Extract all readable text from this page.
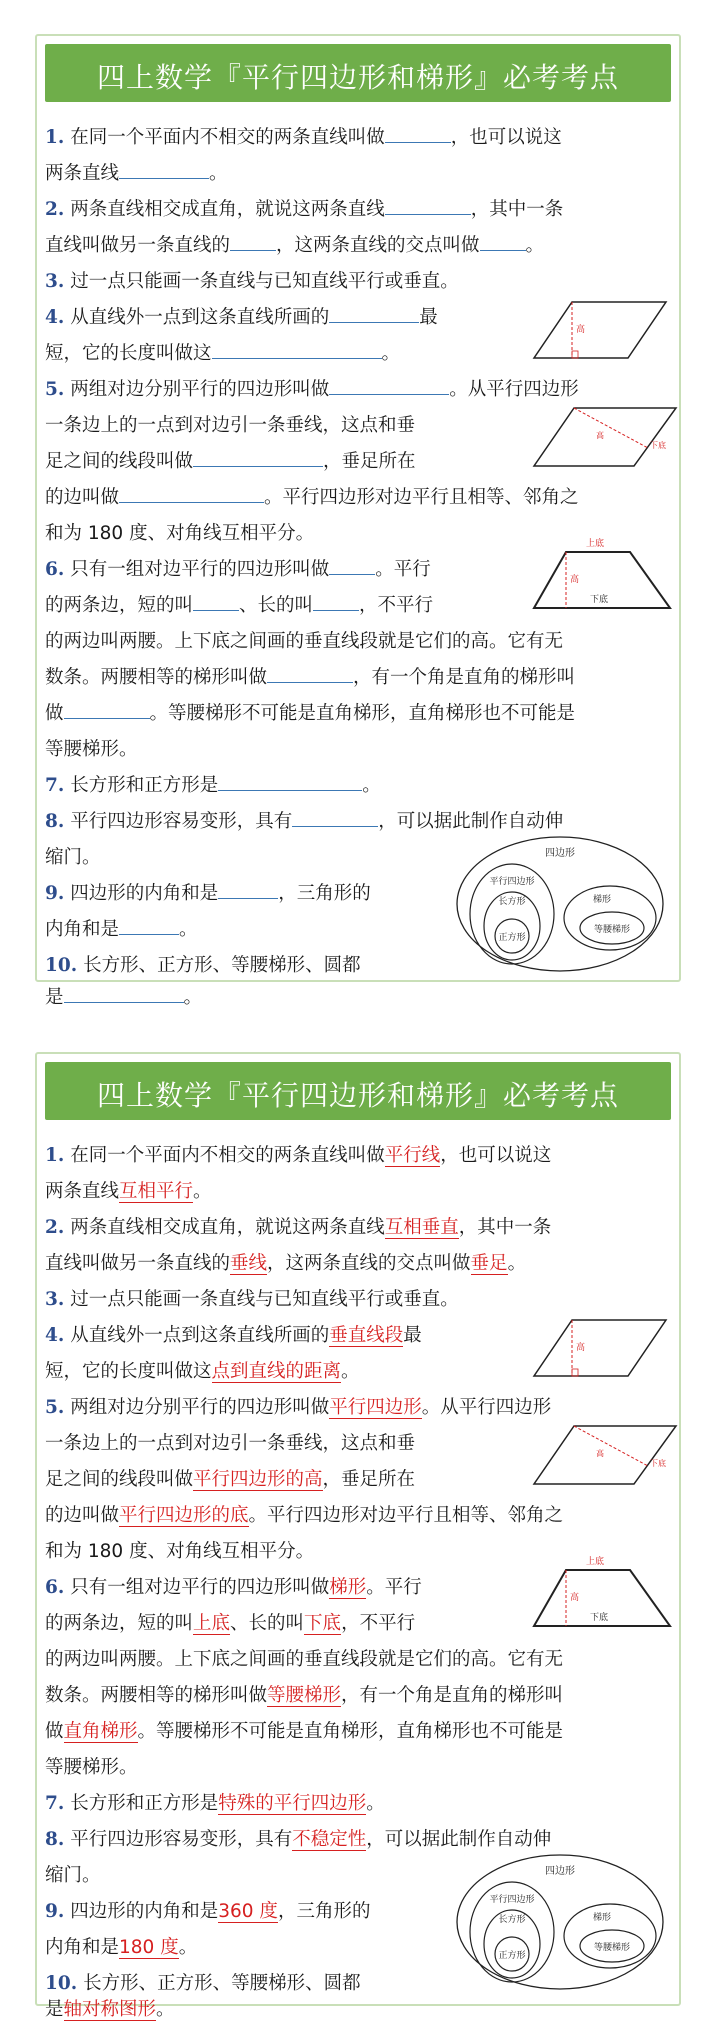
四上数学『平行四边形和梯形』必考考点
1. 在同一个平面内不相交的两条直线叫做	，也可以说这
两条直线	。
2. 两条直线相交成直角，就说这两条直线	，其中一条
直线叫做另一条直线的 ，这两条直线的交点叫做 。
3. 过一点只能画一条直线与已知直线平行或垂直。
4. 从直线外一点到这条直线所画的	最
短，它的长度叫做这	。
5. 两组对边分别平行的四边形叫做	。从平行四边形
一条边上的一点到对边引一条垂线，这点和垂
足之间的线段叫做	，垂足所在
的边叫做	。平行四边形对边平行且相等、邻角之
和为 180 度、对角线互相平分。
6. 只有一组对边平行的四边形叫做 。平行
的两条边，短的叫 、长的叫 ，不平行
的两边叫两腰。上下底之间画的垂直线段就是它们的高。它有无
数条。两腰相等的梯形叫做	，有一个角是直角的梯形叫
做	。等腰梯形不可能是直角梯形，直角梯形也不可能是
等腰梯形。
7. 长方形和正方形是	。
8. 平行四边形容易变形，具有	，可以据此制作自动伸
缩门。
9. 四边形的内角和是	，三角形的
内角和是	。
10. 长方形、正方形、等腰梯形、圆都
是	。
高
高
下底
上底
高
下底
四边形
平行四边形
长方形
正方形
梯形
等腰梯形
四上数学『平行四边形和梯形』必考考点
1. 在同一个平面内不相交的两条直线叫做平行线，也可以说这
两条直线互相平行。
2. 两条直线相交成直角，就说这两条直线互相垂直，其中一条
直线叫做另一条直线的垂线，这两条直线的交点叫做垂足。
3. 过一点只能画一条直线与已知直线平行或垂直。
4. 从直线外一点到这条直线所画的垂直线段最
短，它的长度叫做这点到直线的距离。
5. 两组对边分别平行的四边形叫做平行四边形。从平行四边形
一条边上的一点到对边引一条垂线，这点和垂
足之间的线段叫做平行四边形的高，垂足所在
的边叫做平行四边形的底。平行四边形对边平行且相等、邻角之
和为 180 度、对角线互相平分。
6. 只有一组对边平行的四边形叫做梯形。平行
的两条边，短的叫上底、长的叫下底，不平行
的两边叫两腰。上下底之间画的垂直线段就是它们的高。它有无
数条。两腰相等的梯形叫做等腰梯形，有一个角是直角的梯形叫
做直角梯形。等腰梯形不可能是直角梯形，直角梯形也不可能是
等腰梯形。
7. 长方形和正方形是特殊的平行四边形。
8. 平行四边形容易变形，具有不稳定性，可以据此制作自动伸
缩门。
9. 四边形的内角和是360 度，三角形的
内角和是180 度。
10. 长方形、正方形、等腰梯形、圆都
高
高
下底
上底
高
下底
四边形
平行四边形
长方形
正方形
梯形
等腰梯形
是轴对称图形。
